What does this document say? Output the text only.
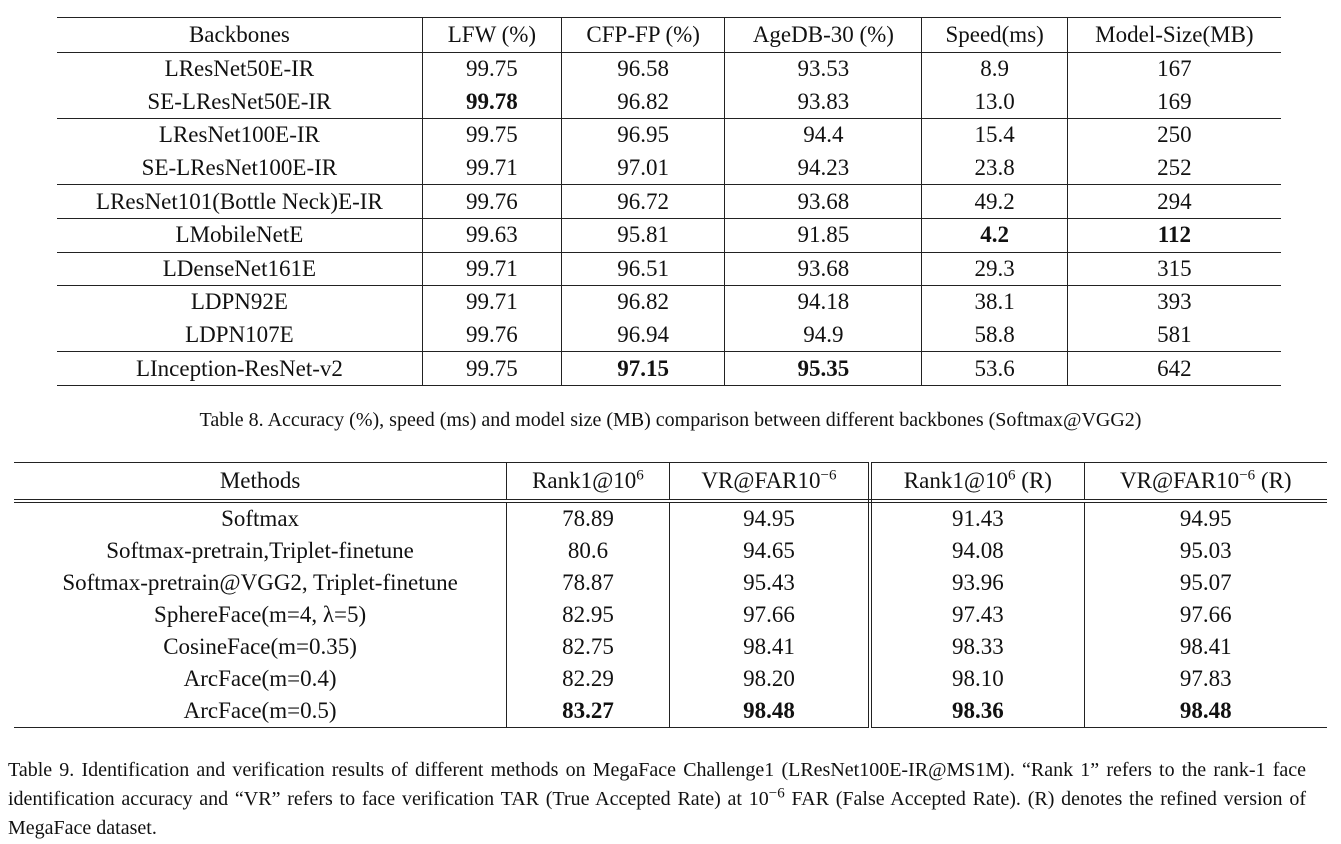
Backbones	LFW (%)	CFP-FP (%)	AgeDB-30 (%)	Speed(ms)	Model-Size(MB)
LResNet50E-IR	99.75	96.58	93.53	8.9	167
SE-LResNet50E-IR	99.78	96.82	93.83	13.0	169
LResNet100E-IR	99.75	96.95	94.4	15.4	250
SE-LResNet100E-IR	99.71	97.01	94.23	23.8	252
LResNet101(Bottle Neck)E-IR	99.76	96.72	93.68	49.2	294
LMobileNetE	99.63	95.81	91.85	4.2	112
LDenseNet161E	99.71	96.51	93.68	29.3	315
LDPN92E	99.71	96.82	94.18	38.1	393
LDPN107E	99.76	96.94	94.9	58.8	581
LInception-ResNet-v2	99.75	97.15	95.35	53.6	642
Table 8. Accuracy (%), speed (ms) and model size (MB) comparison between different backbones (Softmax@VGG2)
Methods	$Rank1@10^6$	$VR@FAR10^{-6}$	$Rank1@10^6$ (R)	$VR@FAR10^{-6}$ (R)
Softmax	78.89	94.95	91.43	94.95
Softmax-pretrain,Triplet-finetune	80.6	94.65	94.08	95.03
Softmax-pretrain@VGG2, Triplet-finetune	78.87	95.43	93.96	95.07
SphereFace(m=4, λ=5)	82.95	97.66	97.43	97.66
CosineFace(m=0.35)	82.75	98.41	98.33	98.41
ArcFace(m=0.4)	82.29	98.20	98.10	97.83
ArcFace(m=0.5)	83.27	98.48	98.36	98.48
Table 9. Identification and verification results of different methods on MegaFace Challenge1 (LResNet100E-IR@MS1M). “Rank 1” refers to the rank-1 face identification accuracy and “VR” refers to face verification TAR (True Accepted Rate) at $10^{-6}$ FAR (False Accepted Rate). (R) denotes the refined version of MegaFace dataset.
